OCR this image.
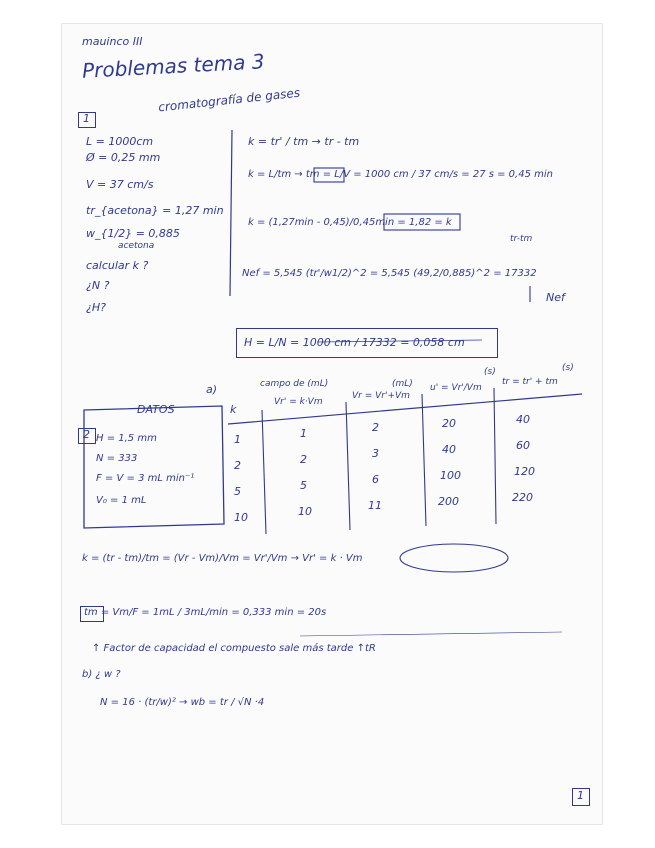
mauinco III
Problemas tema 3
1
cromatografía de gases
L = 1000cm
Ø = 0,25 mm
V = 37 cm/s
tr_{acetona} = 1,27 min
w_{1/2} = 0,885
acetona
calcular k ?
¿N ?
¿H?
k = tr' / tm → tr - tm
k = L/tm → tm = L/V = 1000 cm / 37 cm/s = 27 s = 0,45 min
k = (1,27min - 0,45)/0,45min = 1,82 = k
tr-tm
Nef = 5,545 (tr'/w1/2)^2 = 5,545 (49,2/0,885)^2 = 17332
Nef
H = L/N = 1000 cm / 17332 = 0,058 cm
2
DATOS
a)
H = 1,5 mm
N = 333
F = V = 3 mL min⁻¹
V₀ = 1 mL
campo de (mL)	(mL)
(s)	(s)
k
Vr' = k·Vm
Vr = Vr'+Vm
u' = Vr'/Vm
tr = tr' + tm
1	1	2	20	40
2	2	3	40	60
5	5	6	100	120
10	10	11	200	220
k = (tr - tm)/tm = (Vr - Vm)/Vm = Vr'/Vm → Vr' = k · Vm
tm = Vm/F = 1mL / 3mL/min = 0,333 min = 20s
↑ Factor de capacidad el compuesto sale más tarde ↑tR
b) ¿ w ?
N = 16 · (tr/w)² → wb = tr / √N ·4
1
